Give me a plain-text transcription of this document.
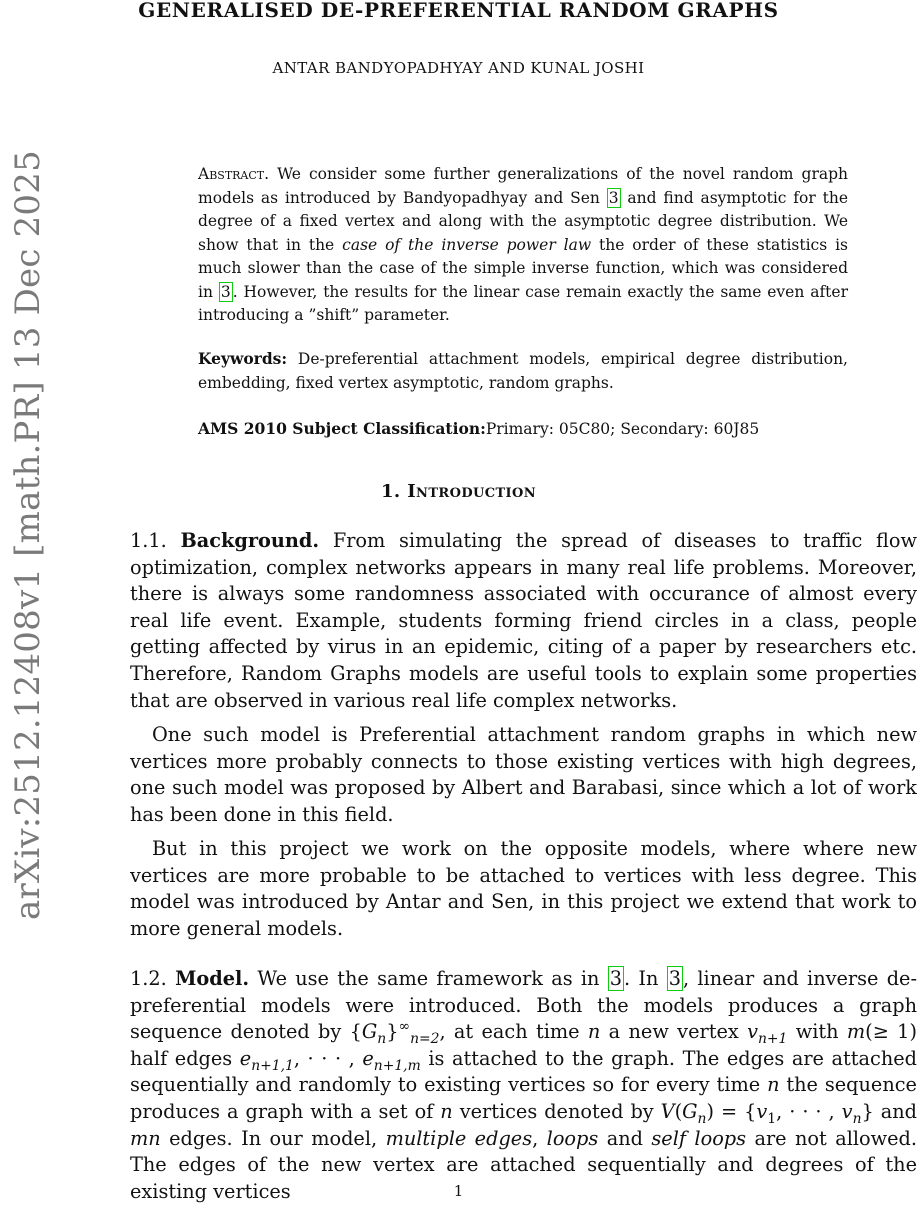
arXiv:2512.12408v1 [math.PR] 13 Dec 2025
GENERALISED DE-PREFERENTIAL RANDOM GRAPHS

ANTAR BANDYOPADHYAY AND KUNAL JOSHI

Abstract. We consider some further generalizations of the novel random graph models as introduced by Bandyopadhyay and Sen 3 and find asymptotic for the degree of a fixed vertex and along with the asymptotic degree distribution. We show that in the case of the inverse power law the order of these statistics is much slower than the case of the simple inverse function, which was considered in 3 . However, the results for the linear case remain exactly the same even after introducing a ”shift” parameter.

Keywords: De-preferential attachment models, empirical degree distribution, embedding, fixed vertex asymptotic, random graphs.

AMS 2010 Subject Classification:Primary: 05C80; Secondary: 60J85

1. Introduction

1.1. Background. From simulating the spread of diseases to traffic flow optimization, complex networks appears in many real life problems. Moreover, there is always some randomness associated with occurance of almost every real life event. Example, students forming friend circles in a class, people getting affected by virus in an epidemic, citing of a paper by researchers etc. Therefore, Random Graphs models are useful tools to explain some properties that are observed in various real life complex networks.

One such model is Preferential attachment random graphs in which new vertices more probably connects to those existing vertices with high degrees, one such model was proposed by Albert and Barabasi, since which a lot of work has been done in this field.

But in this project we work on the opposite models, where where new vertices are more probable to be attached to vertices with less degree. This model was introduced by Antar and Sen, in this project we extend that work to more general models.

1.2. Model. We use the same framework as in 3 . In 3 , linear and inverse de-preferential models were introduced. Both the models produces a graph sequence denoted by $\{G_n\}^\infty_{n=2}$, at each time n a new vertex $v_{n+1}$ with m(≥ 1) half edges $e_{n+1,1}$, · · · , $e_{n+1,m}$ is attached to the graph. The edges are attached sequentially and randomly to existing vertices so for every time n the sequence produces a graph with a set of n vertices denoted by $V(G_n) = \{v_1$, · · · , $v_n$} and mn edges. In our model, multiple edges, loops and self loops are not allowed. The edges of the new vertex are attached sequentially and degrees of the existing vertices	1
